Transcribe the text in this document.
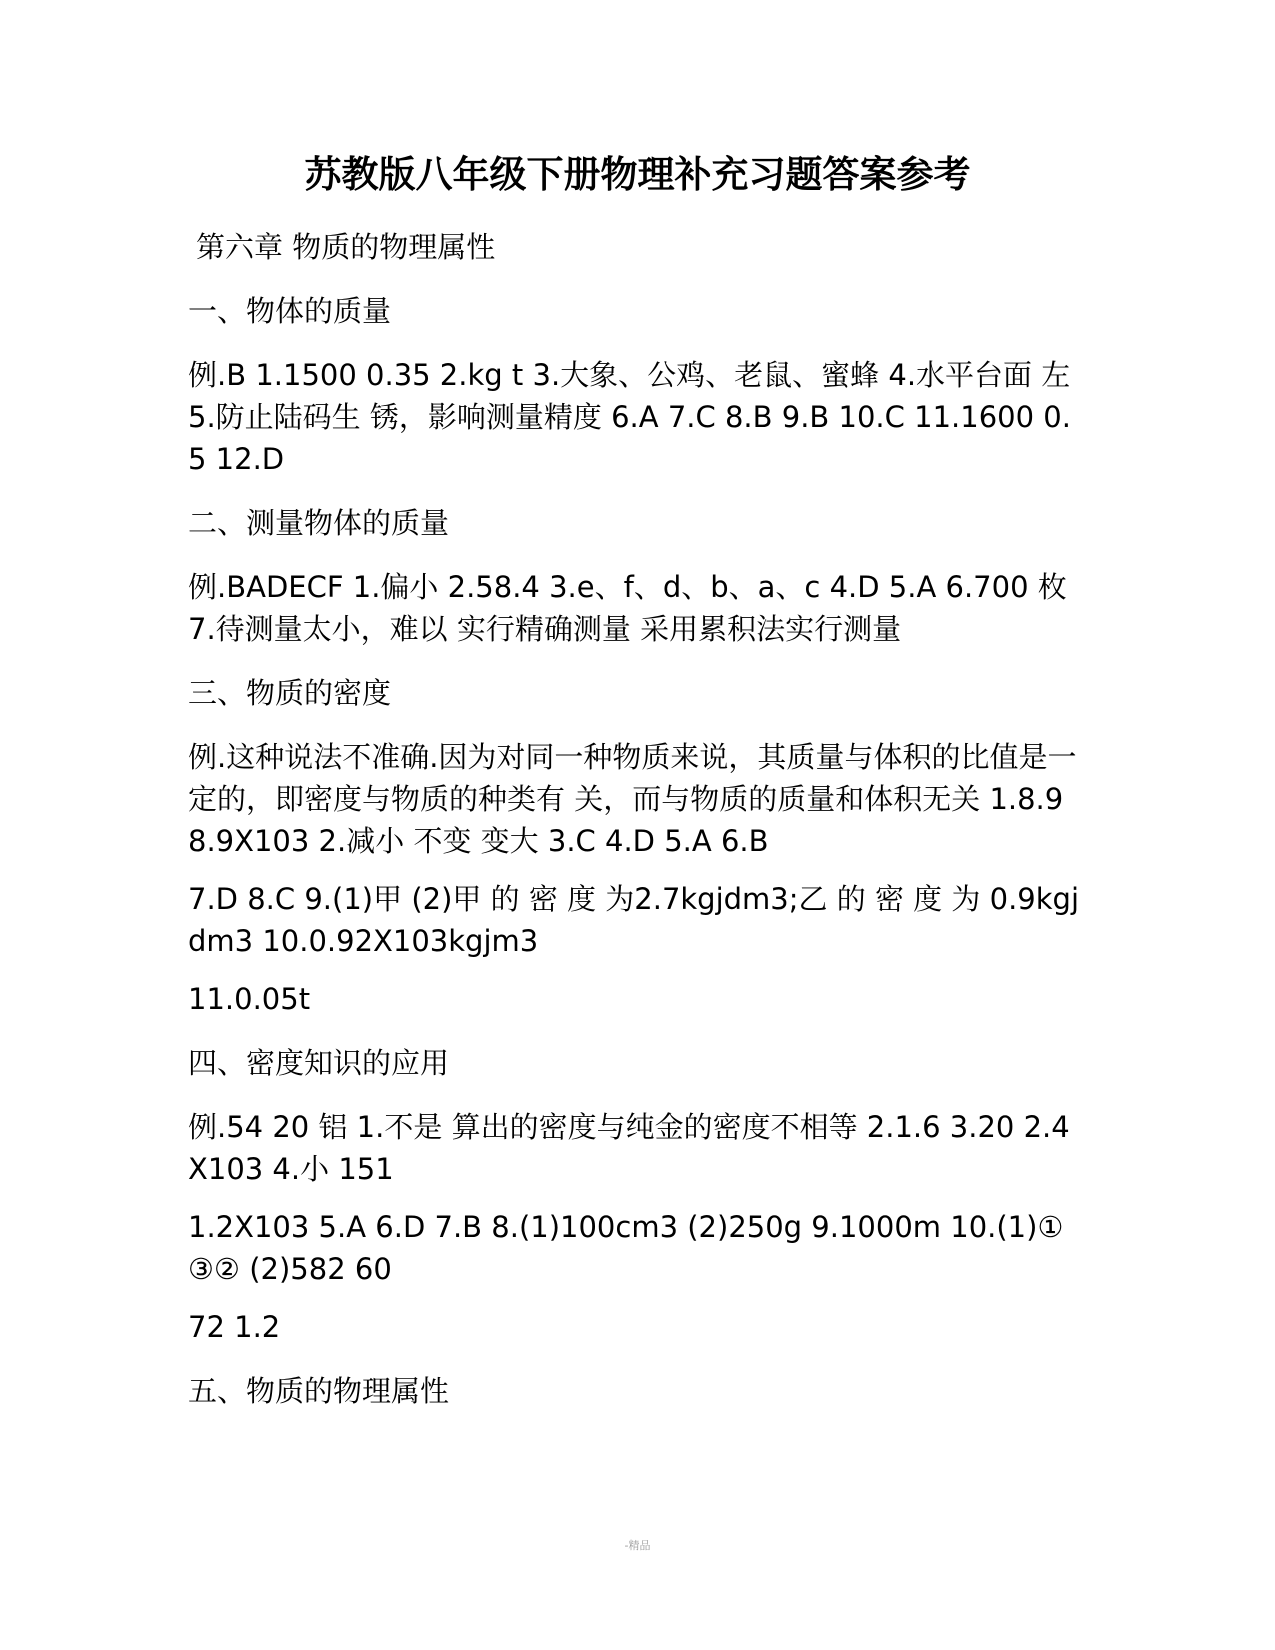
苏教版八年级下册物理补充习题答案参考
第六章 物质的物理属性
一、物体的质量
例.B 1.1500 0.35 2.kg t 3.大象、公鸡、老鼠、蜜蜂 4.水平台面 左 5.防止陆码生 锈，影响测量精度 6.A 7.C 8.B 9.B 10.C 11.1600 0.5 12.D
二、测量物体的质量
例.BADECF 1.偏小 2.58.4 3.e、f、d、b、a、c 4.D 5.A 6.700 枚 7.待测量太小，难以 实行精确测量 采用累积法实行测量
三、物质的密度
例.这种说法不准确.因为对同一种物质来说，其质量与体积的比值是一定的，即密度与物质的种类有 关，而与物质的质量和体积无关 1.8.9 8.9X103 2.减小 不变 变大 3.C 4.D 5.A 6.B
7.D 8.C 9.(1)甲 (2)甲 的 密 度 为2.7kgjdm3;乙 的 密 度 为 0.9kgjdm3 10.0.92X103kgjm3
11.0.05t
四、密度知识的应用
例.54 20 铝 1.不是 算出的密度与纯金的密度不相等 2.1.6 3.20 2.4X103 4.小 151
1.2X103 5.A 6.D 7.B 8.(1)100cm3 (2)250g 9.1000m 10.(1)①③② (2)582 60
72 1.2
五、物质的物理属性
-精品
